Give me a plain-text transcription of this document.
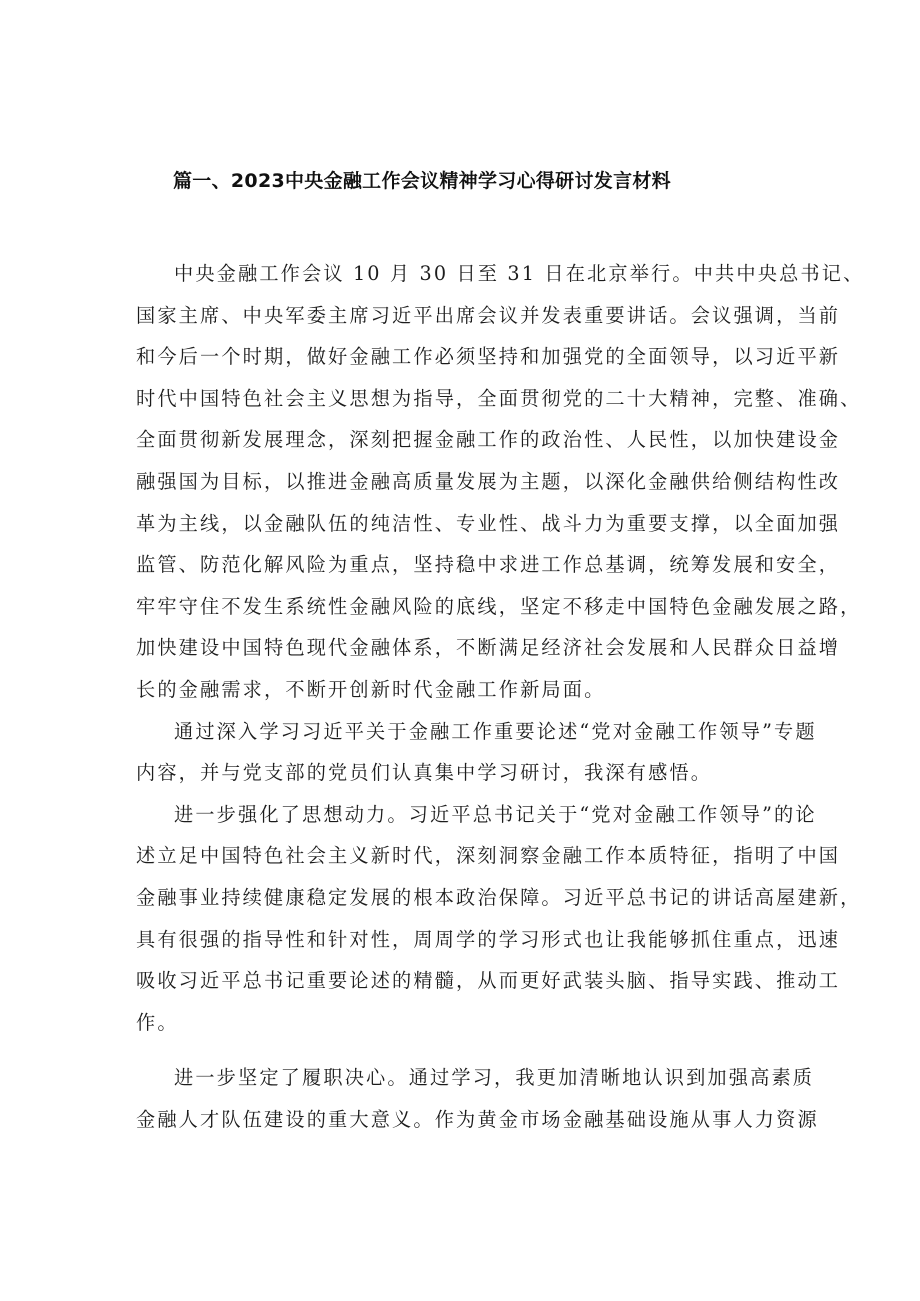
篇一、2023中央金融工作会议精神学习心得研讨发言材料
中央金融工作会议 10 月 30 日至 31 日在北京举行。中共中央总书记、
国家主席、中央军委主席习近平出席会议并发表重要讲话。会议强调，当前
和今后一个时期，做好金融工作必须坚持和加强党的全面领导，以习近平新
时代中国特色社会主义思想为指导，全面贯彻党的二十大精神，完整、准确、
全面贯彻新发展理念，深刻把握金融工作的政治性、人民性，以加快建设金
融强国为目标，以推进金融高质量发展为主题，以深化金融供给侧结构性改
革为主线，以金融队伍的纯洁性、专业性、战斗力为重要支撑，以全面加强
监管、防范化解风险为重点，坚持稳中求进工作总基调，统筹发展和安全，
牢牢守住不发生系统性金融风险的底线，坚定不移走中国特色金融发展之路，
加快建设中国特色现代金融体系，不断满足经济社会发展和人民群众日益增
长的金融需求，不断开创新时代金融工作新局面。
通过深入学习习近平关于金融工作重要论述“党对金融工作领导”专题
内容，并与党支部的党员们认真集中学习研讨，我深有感悟。
进一步强化了思想动力。习近平总书记关于“党对金融工作领导”的论
述立足中国特色社会主义新时代，深刻洞察金融工作本质特征，指明了中国
金融事业持续健康稳定发展的根本政治保障。习近平总书记的讲话高屋建新，
具有很强的指导性和针对性，周周学的学习形式也让我能够抓住重点，迅速
吸收习近平总书记重要论述的精髓，从而更好武装头脑、指导实践、推动工
作。
进一步坚定了履职决心。通过学习，我更加清晰地认识到加强高素质
金融人才队伍建设的重大意义。作为黄金市场金融基础设施从事人力资源
